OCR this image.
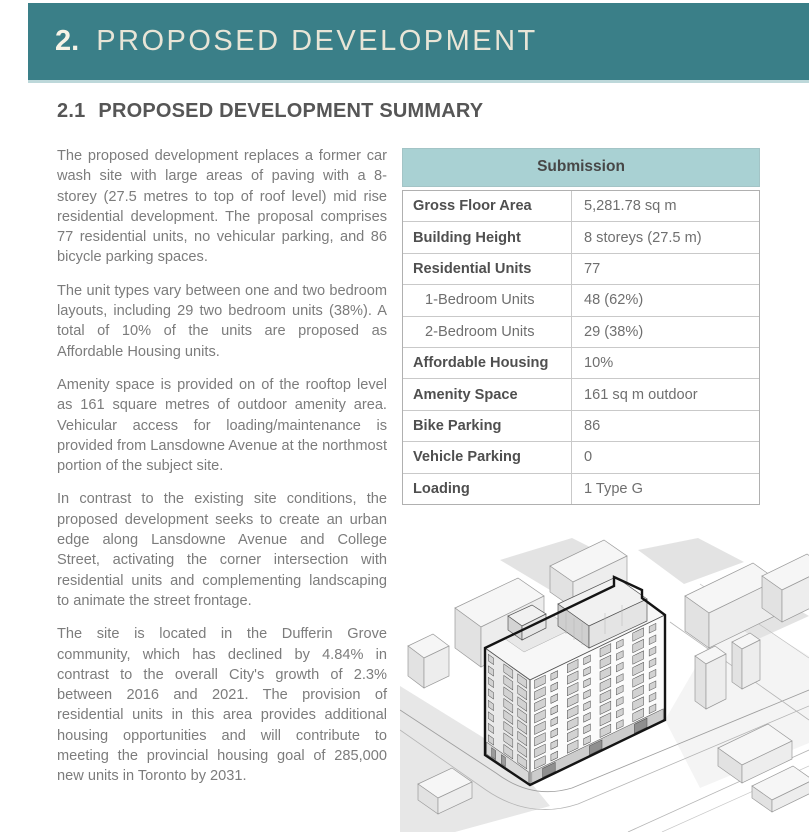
2. PROPOSED DEVELOPMENT
2.1 PROPOSED DEVELOPMENT SUMMARY

The proposed development replaces a former car wash site with large areas of paving with a 8-storey (27.5 metres to top of roof level) mid rise residential development. The proposal comprises 77 residential units, no vehicular parking, and 86 bicycle parking spaces.

The unit types vary between one and two bedroom layouts, including 29 two bedroom units (38%). A total of 10% of the units are proposed as Affordable Housing units.

Amenity space is provided on of the rooftop level as 161 square metres of outdoor amenity area. Vehicular access for loading/maintenance is provided from Lansdowne Avenue at the northmost portion of the subject site.

In contrast to the existing site conditions, the proposed development seeks to create an urban edge along Lansdowne Avenue and College Street, activating the corner intersection with residential units and complementing landscaping to animate the street frontage.

The site is located in the Dufferin Grove community, which has declined by 4.84% in contrast to the overall City's growth of 2.3% between 2016 and 2021. The provision of residential units in this area provides additional housing opportunities and will contribute to meeting the provincial housing goal of 285,000 new units in Toronto by 2031.

Submission
Gross Floor Area	5,281.78 sq m
Building Height	8 storeys (27.5 m)
Residential Units	77
1-Bedroom Units	48 (62%)
2-Bedroom Units	29 (38%)
Affordable Housing	10%
Amenity Space	161 sq m outdoor
Bike Parking	86
Vehicle Parking	0
Loading	1 Type G
